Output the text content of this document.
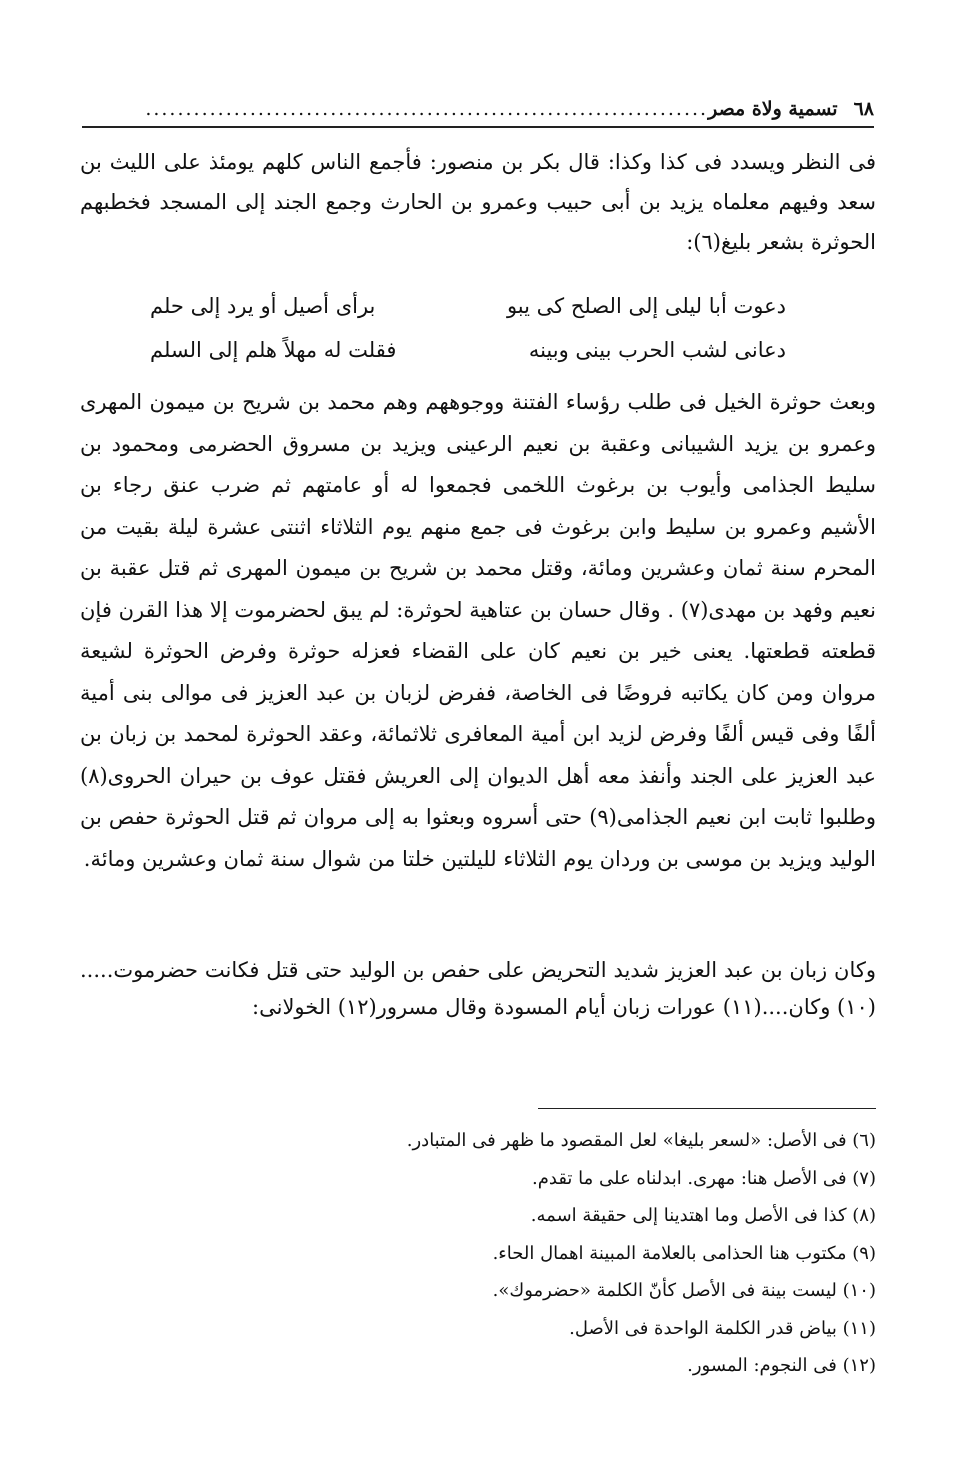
٦٨
تسمية ولاة مصر
......................................................................
فى النظر ويسدد فى كذا وكذا: قال بكر بن منصور: فأجمع الناس كلهم يومئذ على الليث بن سعد وفيهم معلماه يزيد بن أبى حبيب وعمرو بن الحارث وجمع الجند إلى المسجد فخطبهم الحوثرة بشعر بليغ(٦):
دعوت أبا ليلى إلى الصلح كى يبو
برأى أصيل أو يرد إلى حلم
دعانى لشب الحرب بينى وبينه
فقلت له مهلاً هلم إلى السلم
وبعث حوثرة الخيل فى طلب رؤساء الفتنة ووجوههم وهم محمد بن شريح بن ميمون المهرى وعمرو بن يزيد الشيبانى وعقبة بن نعيم الرعينى ويزيد بن مسروق الحضرمى ومحمود بن سليط الجذامى وأيوب بن برغوث اللخمى فجمعوا له أو عامتهم ثم ضرب عنق رجاء بن الأشيم وعمرو بن سليط وابن برغوث فى جمع منهم يوم الثلاثاء اثنتى عشرة ليلة بقيت من المحرم سنة ثمان وعشرين ومائة، وقتل محمد بن شريح بن ميمون المهرى ثم قتل عقبة بن نعيم وفهد بن مهدى(٧) . وقال حسان بن عتاهية لحوثرة: لم يبق لحضرموت إلا هذا القرن فإن قطعته قطعتها. يعنى خير بن نعيم كان على القضاء فعزله حوثرة وفرض الحوثرة لشيعة مروان ومن كان يكاتبه فروضًا فى الخاصة، ففرض لزبان بن عبد العزيز فى موالى بنى أمية ألفًا وفى قيس ألفًا وفرض لزيد ابن أمية المعافرى ثلاثمائة، وعقد الحوثرة لمحمد بن زبان بن عبد العزيز على الجند وأنفذ معه أهل الديوان إلى العريش فقتل عوف بن حيران الحروى(٨) وطلبوا ثابت ابن نعيم الجذامى(٩) حتى أسروه وبعثوا به إلى مروان ثم قتل الحوثرة حفص بن الوليد ويزيد بن موسى بن وردان يوم الثلاثاء لليلتين خلتا من شوال سنة ثمان وعشرين ومائة.
وكان زبان بن عبد العزيز شديد التحريض على حفص بن الوليد حتى قتل فكانت حضرموت.....(١٠) وكان....(١١) عورات زبان أيام المسودة وقال مسرور(١٢) الخولانى:
(٦) فى الأصل: «لسعر بليغا» لعل المقصود ما ظهر فى المتبادر.
(٧) فى الأصل هنا: مهرى. ابدلناه على ما تقدم.
(٨) كذا فى الأصل وما اهتدينا إلى حقيقة اسمه.
(٩) مكتوب هنا الحذامى بالعلامة المبينة اهمال الحاء.
(١٠) ليست بينة فى الأصل كأنّ الكلمة «حضرموك».
(١١) بياض قدر الكلمة الواحدة فى الأصل.
(١٢) فى النجوم: المسور.
